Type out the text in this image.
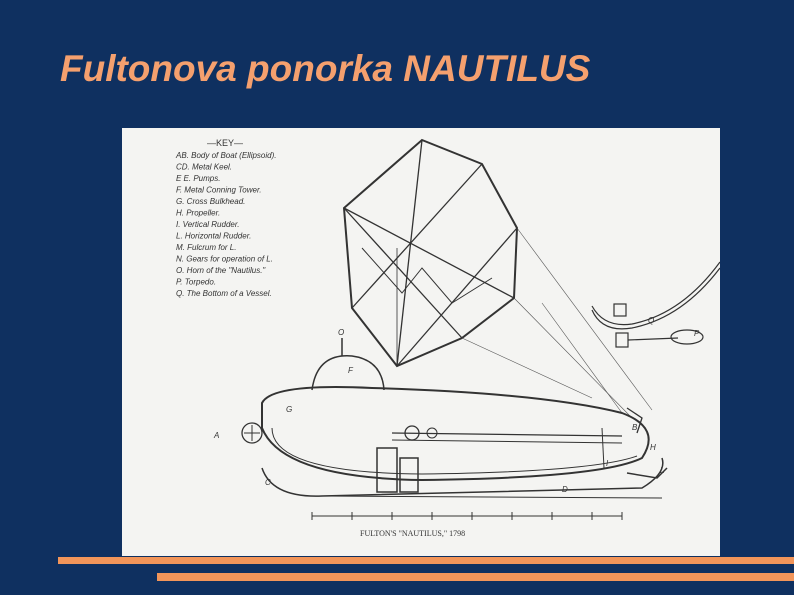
Fultonova ponorka NAUTILUS
—KEY—
AB. Body of Boat (Ellipsoid).
CD. Metal Keel.
E E. Pumps.
F. Metal Conning Tower.
G. Cross Bulkhead.
H. Propeller.
I. Vertical Rudder.
L. Horizontal Rudder.
M. Fulcrum for L.
N. Gears for operation of L.
O. Horn of the "Nautilus."
P. Torpedo.
Q. The Bottom of a Vessel.
A
B
C
D
F
G
H
I
L
O	P
Q
FULTON'S "NAUTILUS," 1798
